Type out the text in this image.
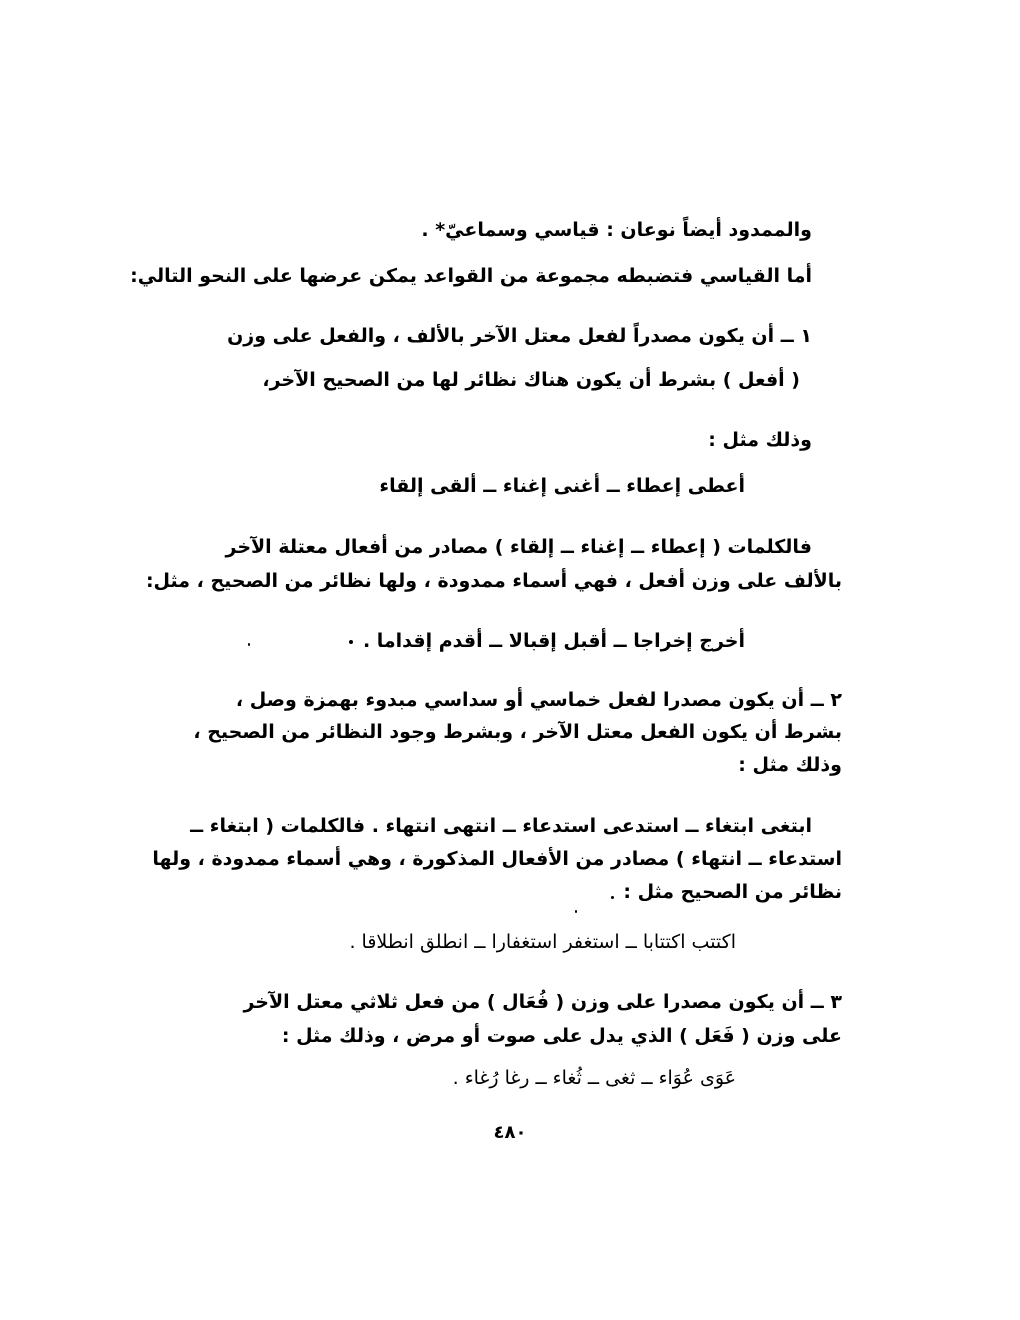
والممدود أيضاً نوعان : قياسي وسماعيّ* .
أما القياسي فتضبطه مجموعة من القواعد يمكن عرضها على النحو التالي:
١ ــ أن يكون مصدراً لفعل معتل الآخر بالألف ، والفعل على وزن
( أفعل ) بشرط أن يكون هناك نظائر لها من الصحيح الآخر،
وذلك مثل :
أعطى إعطاء ــ أغنى إغناء ــ ألقى إلقاء
فالكلمات ( إعطاء ــ إغناء ــ إلقاء ) مصادر من أفعال معتلة الآخر
بالألف على وزن أفعل ، فهي أسماء ممدودة ، ولها نظائر من الصحيح ، مثل:
أخرج إخراجا ــ أقبل إقبالا ــ أقدم إقداما .
٢ ــ أن يكون مصدرا لفعل خماسي أو سداسي مبدوء بهمزة وصل ،
بشرط أن يكون الفعل معتل الآخر ، وبشرط وجود النظائر من الصحيح ،
وذلك مثل :
ابتغى ابتغاء ــ استدعى استدعاء ــ انتهى انتهاء . فالكلمات ( ابتغاء ــ
استدعاء ــ انتهاء ) مصادر من الأفعال المذكورة ، وهي أسماء ممدودة ، ولها
نظائر من الصحيح مثل :
اكتتب اكتتابا ــ استغفر استغفارا ــ انطلق انطلاقا .
٣ ــ أن يكون مصدرا على وزن ( فُعَال ) من فعل ثلاثي معتل الآخر
على وزن ( فَعَل ) الذي يدل على صوت أو مرض ، وذلك مثل :
عَوَى عُوَاء ــ ثغى ــ ثُغاء ــ رغا رُغاء .
٤٨٠
